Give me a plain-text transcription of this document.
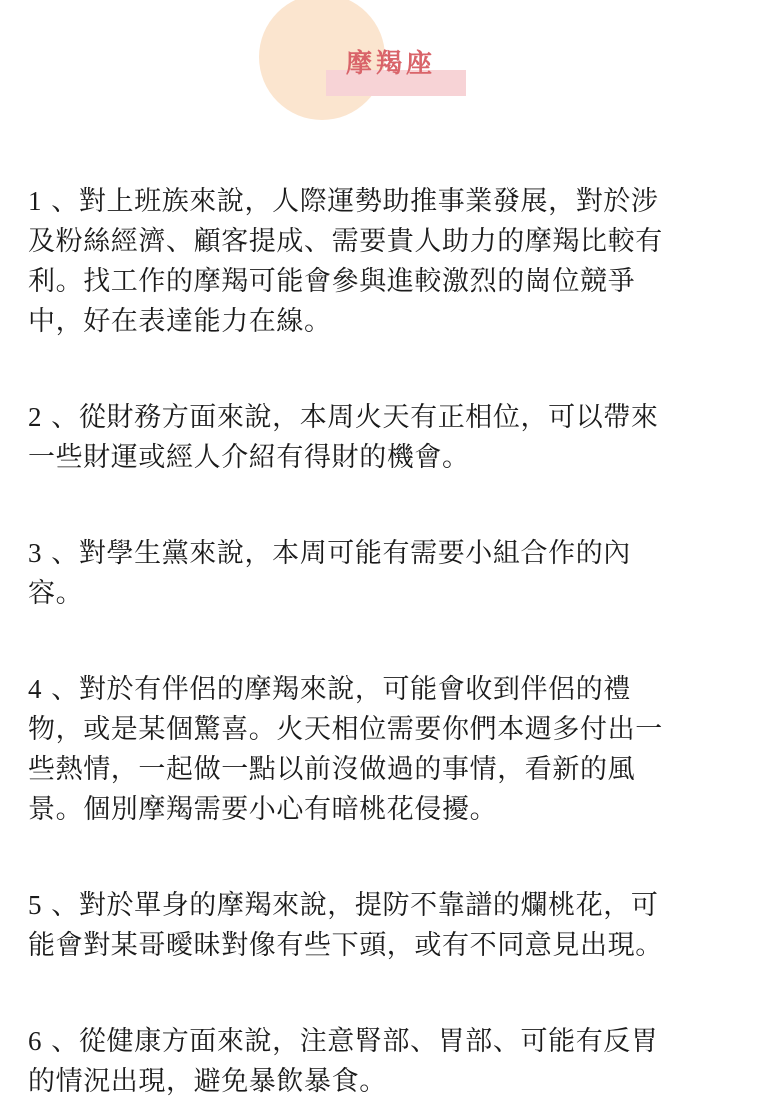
摩羯座

1 、對上班族來說，人際運勢助推事業發展，對於涉
及粉絲經濟、顧客提成、需要貴人助力的摩羯比較有
利。找工作的摩羯可能會參與進較激烈的崗位競爭
中，好在表達能力在線。

2 、從財務方面來說，本周火天有正相位，可以帶來
一些財運或經人介紹有得財的機會。

3 、對學生黨來說，本周可能有需要小組合作的內
容。

4 、對於有伴侶的摩羯來說，可能會收到伴侶的禮
物，或是某個驚喜。火天相位需要你們本週多付出一
些熱情，一起做一點以前沒做過的事情，看新的風
景。個別摩羯需要小心有暗桃花侵擾。

5 、對於單身的摩羯來說，提防不靠譜的爛桃花，可
能會對某哥曖昧對像有些下頭，或有不同意見出現。

6 、從健康方面來說，注意腎部、胃部、可能有反胃
的情況出現，避免暴飲暴食。
